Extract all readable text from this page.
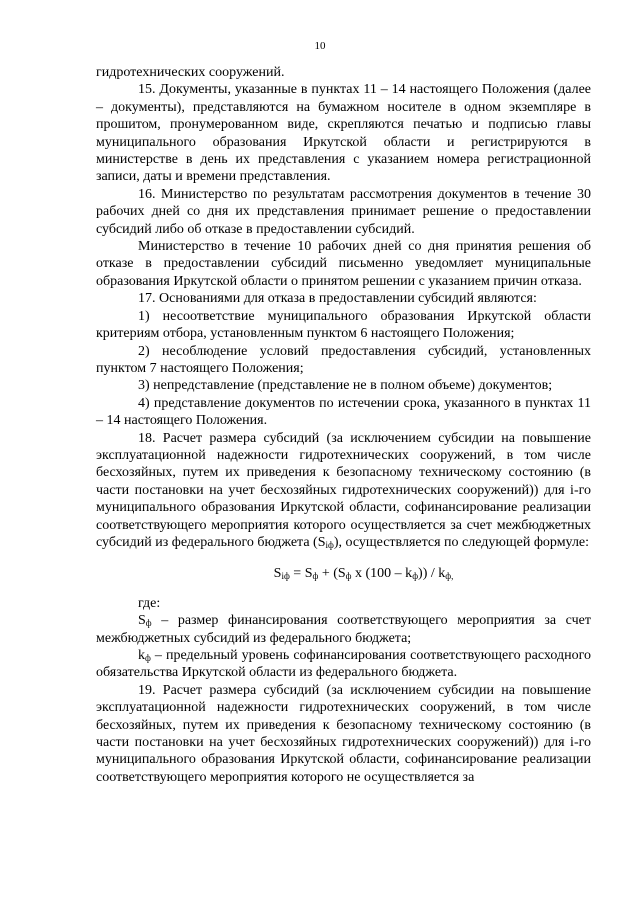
10

гидротехнических сооружений.

15. Документы, указанные в пунктах 11 – 14 настоящего Положения (далее – документы), представляются на бумажном носителе в одном экземпляре в прошитом, пронумерованном виде, скрепляются печатью и подписью главы муниципального образования Иркутской области и регистрируются в министерстве в день их представления с указанием номера регистрационной записи, даты и времени представления.

16. Министерство по результатам рассмотрения документов в течение 30 рабочих дней со дня их представления принимает решение о предоставлении субсидий либо об отказе в предоставлении субсидий.

Министерство в течение 10 рабочих дней со дня принятия решения об отказе в предоставлении субсидий письменно уведомляет муниципальные образования Иркутской области о принятом решении с указанием причин отказа.

17. Основаниями для отказа в предоставлении субсидий являются:

1) несоответствие муниципального образования Иркутской области критериям отбора, установленным пунктом 6 настоящего Положения;

2) несоблюдение условий предоставления субсидий, установленных пунктом 7 настоящего Положения;

3) непредставление (представление не в полном объеме) документов;

4) представление документов по истечении срока, указанного в пунктах 11 – 14 настоящего Положения.

18. Расчет размера субсидий (за исключением субсидии на повышение эксплуатационной надежности гидротехнических сооружений, в том числе бесхозяйных, путем их приведения к безопасному техническому состоянию (в части постановки на учет бесхозяйных гидротехнических сооружений)) для i-го муниципального образования Иркутской области, софинансирование реализации соответствующего мероприятия которого осуществляется за счет межбюджетных субсидий из федерального бюджета $(S_{iф})$, осуществляется по следующей формуле:

$S_{iф} = S_ф + (S_ф$ x $(100 - k_ф)) / k_{ф,}$

где:

$S_ф$ – размер финансирования соответствующего мероприятия за счет межбюджетных субсидий из федерального бюджета;

$k_ф$ – предельный уровень софинансирования соответствующего расходного обязательства Иркутской области из федерального бюджета.

19. Расчет размера субсидий (за исключением субсидии на повышение эксплуатационной надежности гидротехнических сооружений, в том числе бесхозяйных, путем их приведения к безопасному техническому состоянию (в части постановки на учет бесхозяйных гидротехнических сооружений)) для i-го муниципального образования Иркутской области, софинансирование реализации соответствующего мероприятия которого не осуществляется за
